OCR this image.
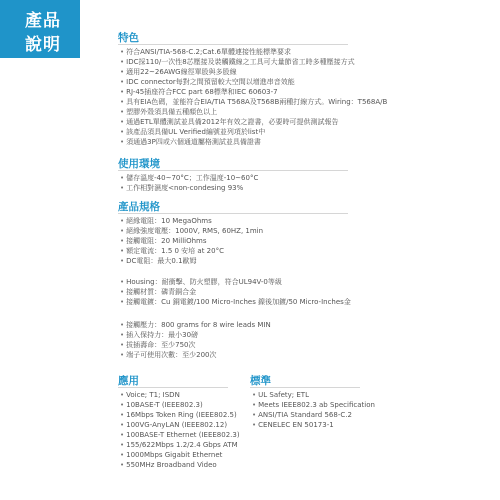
產品
說明	特色
• 符合ANSI/TIA-568-C.2;Cat.6單體連接性能標準要求
• IDC採110/一次性8芯壓接及裝觸鐵線之工具可大量節省工時多種壓接方式
• 適用22~26AWG線徑單股與多股線
• IDC connector每對之間預留較大空間以增進串音效能
• RJ-45插座符合FCC part 68標準和IEC 60603-7
• 具有EIA色碼，並能符合EIA/TIA T568A及T568B兩種打線方式。Wiring：T568A/B
• 塑膠外殼須具備五種顏色以上
• 通過ETL單體測試並具備2012年有效之證書，必要時可提供測試報告
• 該產品須具備UL Verified編號並列項於list中
• 須通過3P四或六個通道屬格測試並具備證書
使用環境
• 儲存溫度-40~70°C；工作溫度-10~60°C
• 工作相對濕度<non-condesing 93%
產品規格
• 絕緣電阻：10 MegaOhms
• 絕緣強度電壓：1000V, RMS, 60HZ, 1min
• 接觸電阻：20 MilliOhms
• 額定電流：1.5 0 安培 at 20°C
• DC電阻：最大0.1歐姆
• Housing：耐衝擊、防火塑膠，符合UL94V-0等級
• 接觸材質：磷青銅合金
• 接觸電鍍：Cu 銅電鍍/100 Micro-Inches 鎳後加鍍/50 Micro-Inches金
• 接觸壓力：800 grams for 8 wire leads MIN
• 插入保持力：最小30磅
• 拔插壽命：至少750次
• 端子可使用次數：至少200次
應用
• Voice; T1; ISDN
• 10BASE-T (IEEE802.3)
• 16Mbps Token Ring (IEEE802.5)
• 100VG-AnyLAN (IEEE802.12)
• 100BASE-T Ethernet (IEEE802.3)
• 155/622Mbps 1.2/2.4 Gbps ATM
• 1000Mbps Gigabit Ethernet
• 550MHz Broadband Video
標準
• UL Safety; ETL
• Meets IEEE802.3 ab Specification
• ANSI/TIA Standard 568-C.2
• CENELEC EN 50173-1
